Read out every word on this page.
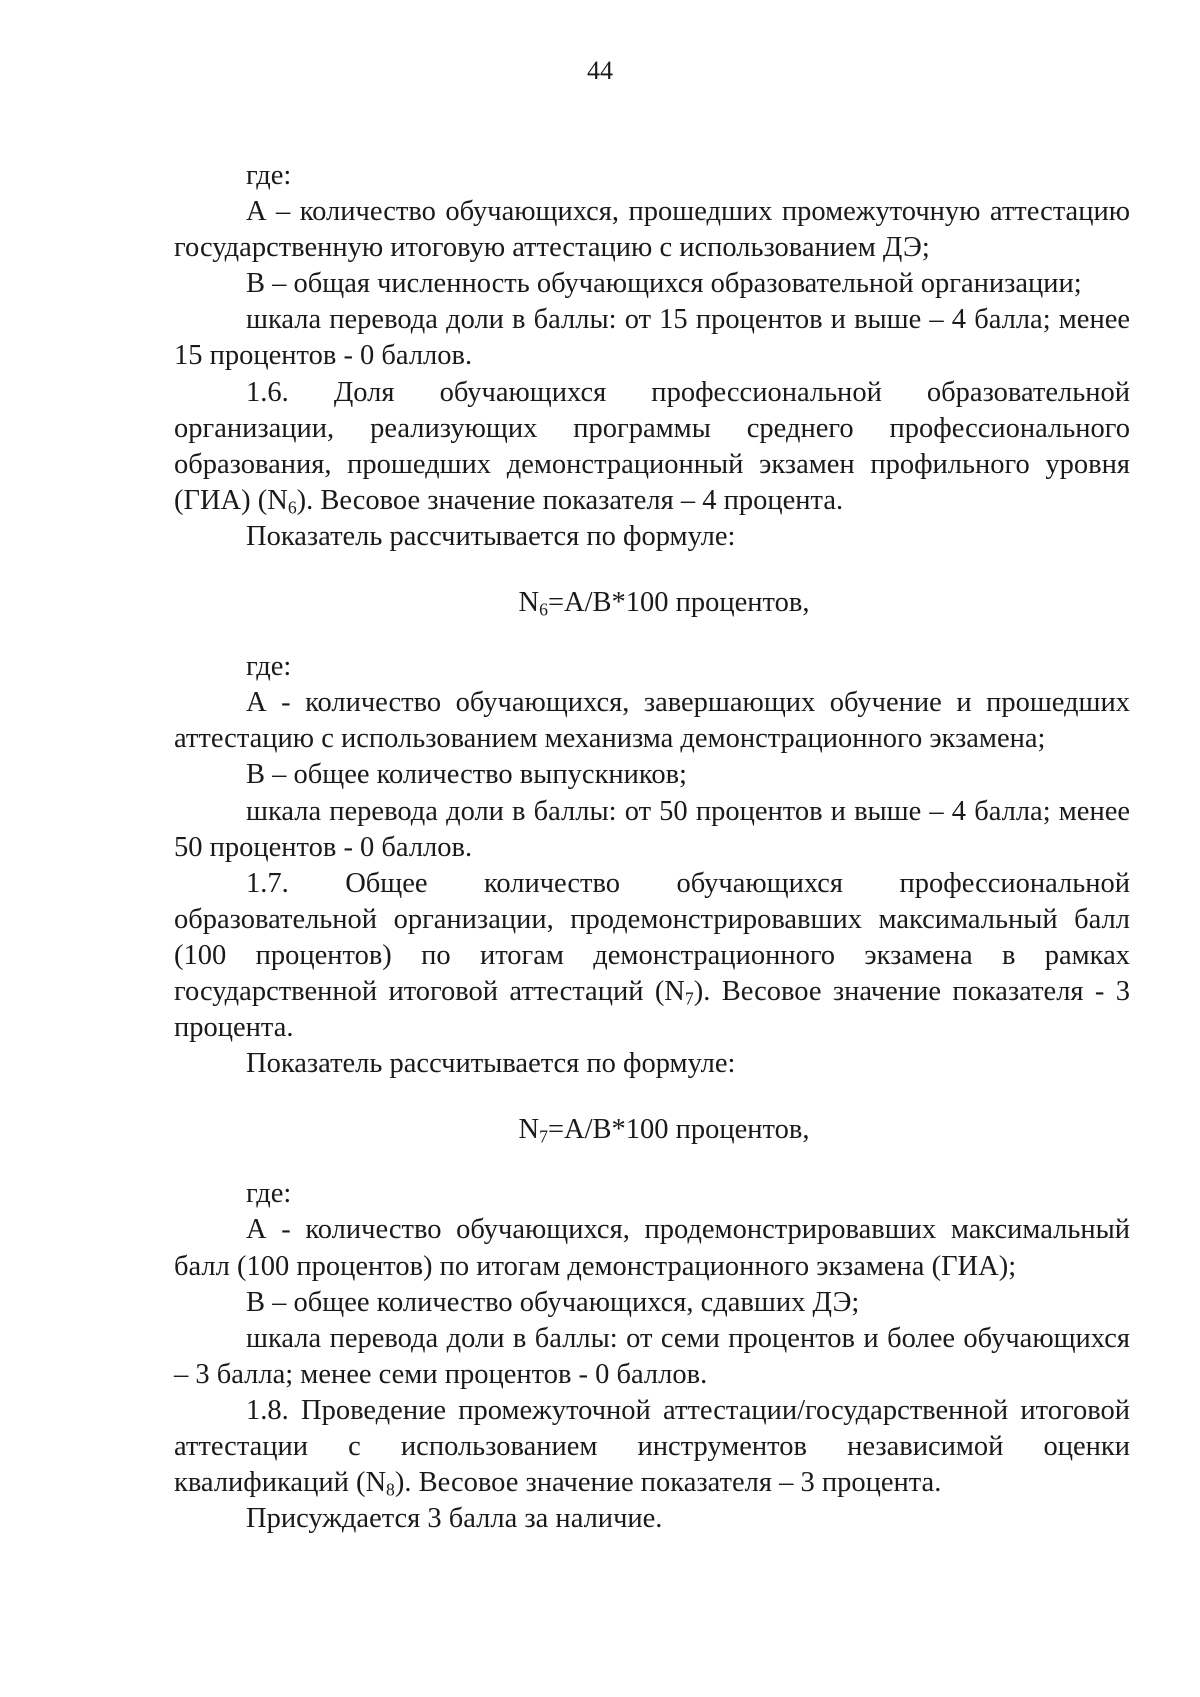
44

где:

А – количество обучающихся, прошедших промежуточную аттестацию государственную итоговую аттестацию с использованием ДЭ;

В – общая численность обучающихся образовательной организации;

шкала перевода доли в баллы: от 15 процентов и выше – 4 балла; менее 15 процентов - 0 баллов.

1.6. Доля обучающихся профессиональной образовательной организации, реализующих программы среднего профессионального образования, прошедших демонстрационный экзамен профильного уровня (ГИА) $(N_6)$. Весовое значение показателя – 4 процента.

Показатель рассчитывается по формуле:

$N_6=А/В*100$ процентов,

где:

А - количество обучающихся, завершающих обучение и прошедших аттестацию с использованием механизма демонстрационного экзамена;

В – общее количество выпускников;

шкала перевода доли в баллы: от 50 процентов и выше – 4 балла; менее 50 процентов - 0 баллов.

1.7. Общее количество обучающихся профессиональной образовательной организации, продемонстрировавших максимальный балл (100 процентов) по итогам демонстрационного экзамена в рамках государственной итоговой аттестаций $(N_7)$. Весовое значение показателя - 3 процента.

Показатель рассчитывается по формуле:

$N_7=А/В*100$ процентов,

где:

А - количество обучающихся, продемонстрировавших максимальный балл (100 процентов) по итогам демонстрационного экзамена (ГИА);

В – общее количество обучающихся, сдавших ДЭ;

шкала перевода доли в баллы: от семи процентов и более обучающихся – 3 балла; менее семи процентов - 0 баллов.

1.8. Проведение промежуточной аттестации/государственной итоговой аттестации с использованием инструментов независимой оценки квалификаций $(N_8)$. Весовое значение показателя – 3 процента.

Присуждается 3 балла за наличие.
